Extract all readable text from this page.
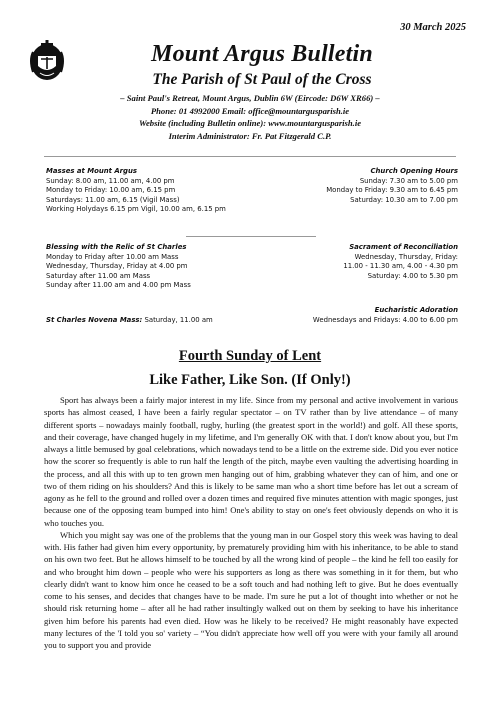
30 March 2025
Mount Argus Bulletin
The Parish of St Paul of the Cross
– Saint Paul's Retreat, Mount Argus, Dublin 6W (Eircode: D6W XR66) –
Phone: 01 4992000 Email: office@mountargusparish.ie
Website (including Bulletin online): www.mountargusparish.ie
Interim Administrator: Fr. Pat Fitzgerald C.P.
Masses at Mount Argus
Sunday: 8.00 am, 11.00 am, 4.00 pm
Monday to Friday: 10.00 am, 6.15 pm
Saturdays: 11.00 am, 6.15 (Vigil Mass)
Working Holydays 6.15 pm Vigil, 10.00 am, 6.15 pm
Church Opening Hours
Sunday: 7.30 am to 5.00 pm
Monday to Friday: 9.30 am to 6.45 pm
Saturday: 10.30 am to 7.00 pm
Blessing with the Relic of St Charles
Monday to Friday after 10.00 am Mass
Wednesday, Thursday, Friday at 4.00 pm
Saturday after 11.00 am Mass
Sunday after 11.00 am and 4.00 pm Mass
Sacrament of Reconciliation
Wednesday, Thursday, Friday:
11.00 - 11.30 am, 4.00 - 4.30 pm
Saturday: 4.00 to 5.30 pm
Eucharistic Adoration
Wednesdays and Fridays: 4.00 to 6.00 pm
St Charles Novena Mass: Saturday, 11.00 am
Fourth Sunday of Lent
Like Father, Like Son. (If Only!)

Sport has always been a fairly major interest in my life. Since from my personal and active involvement in various sports has almost ceased, I have been a fairly regular spectator – on TV rather than by live attendance – of many different sports – nowadays mainly football, rugby, hurling (the greatest sport in the world!) and golf. All these sports, and their coverage, have changed hugely in my lifetime, and I'm generally OK with that. I don't know about you, but I'm always a little bemused by goal celebrations, which nowadays tend to be a little on the extreme side. Did you ever notice how the scorer so frequently is able to run half the length of the pitch, maybe even vaulting the advertising hoarding in the process, and all this with up to ten grown men hanging out of him, grabbing whatever they can of him, and one or two of them riding on his shoulders? And this is likely to be same man who a short time before has let out a scream of agony as he fell to the ground and rolled over a dozen times and required five minutes attention with magic sponges, just because one of the opposing team bumped into him! One's ability to stay on one's feet obviously depends on who it is who touches you.

Which you might say was one of the problems that the young man in our Gospel story this week was having to deal with. His father had given him every opportunity, by prematurely providing him with his inheritance, to be able to stand on his own two feet. But he allows himself to be touched by all the wrong kind of people – the kind he fell too easily for and who brought him down – people who were his supporters as long as there was something in it for them, but who clearly didn't want to know him once he ceased to be a soft touch and had nothing left to give. But he does eventually come to his senses, and decides that changes have to be made. I'm sure he put a lot of thought into whether or not he should risk returning home – after all he had rather insultingly walked out on them by seeking to have his inheritance given him before his parents had even died. How was he likely to be received? He might reasonably have expected many lectures of the 'I told you so' variety – “You didn't appreciate how well off you were with your family all around you to support you and provide
